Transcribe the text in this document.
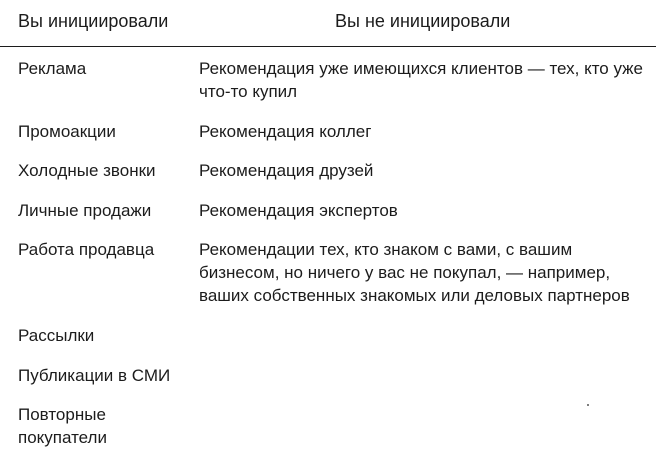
Вы инициировали	Вы не инициировали
Реклама
Промоакции
Холодные звонки
Личные продажи
Работа продавца
Рассылки
Публикации в СМИ
Повторные
покупатели
Рекомендация уже имеющихся клиентов — тех, кто уже
что-то купил
Рекомендация коллег
Рекомендация друзей
Рекомендация экспертов
Рекомендации тех, кто знаком с вами, с вашим
бизнесом, но ничего у вас не покупал, — например,
ваших собственных знакомых или деловых партнеров
